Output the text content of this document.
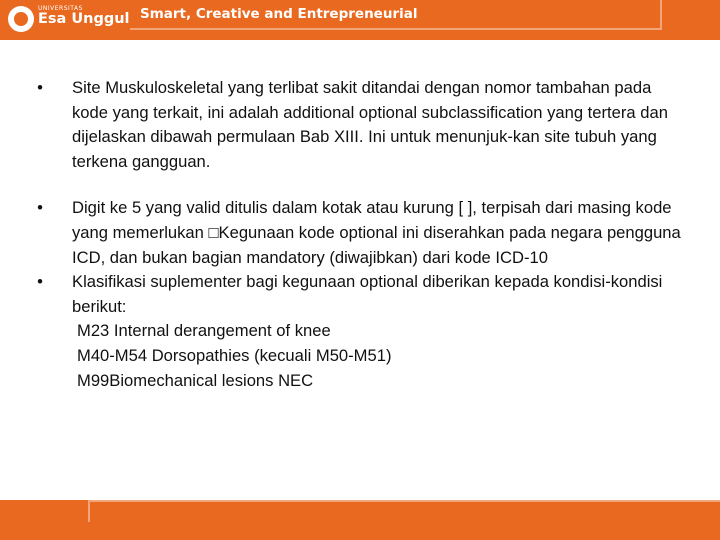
UNIVERSITAS
Esa Unggul Smart, Creative and Entrepreneurial
•	Site Muskuloskeletal yang terlibat sakit ditandai dengan nomor tambahan pada kode yang terkait, ini adalah additional optional subclassification yang tertera dan dijelaskan dibawah permulaan Bab XIII. Ini untuk menunjuk-kan site tubuh yang terkena gangguan.
•	Digit ke 5 yang valid ditulis dalam kotak atau kurung [ ], terpisah dari masing kode yang memerlukan □Kegunaan kode optional ini diserahkan pada negara pengguna ICD, dan bukan bagian mandatory (diwajibkan) dari kode ICD-10
•	Klasifikasi suplementer bagi kegunaan optional diberikan kepada kondisi-kondisi berikut:
M23 Internal derangement of knee
M40-M54 Dorsopathies (kecuali M50-M51)
M99Biomechanical lesions NEC
